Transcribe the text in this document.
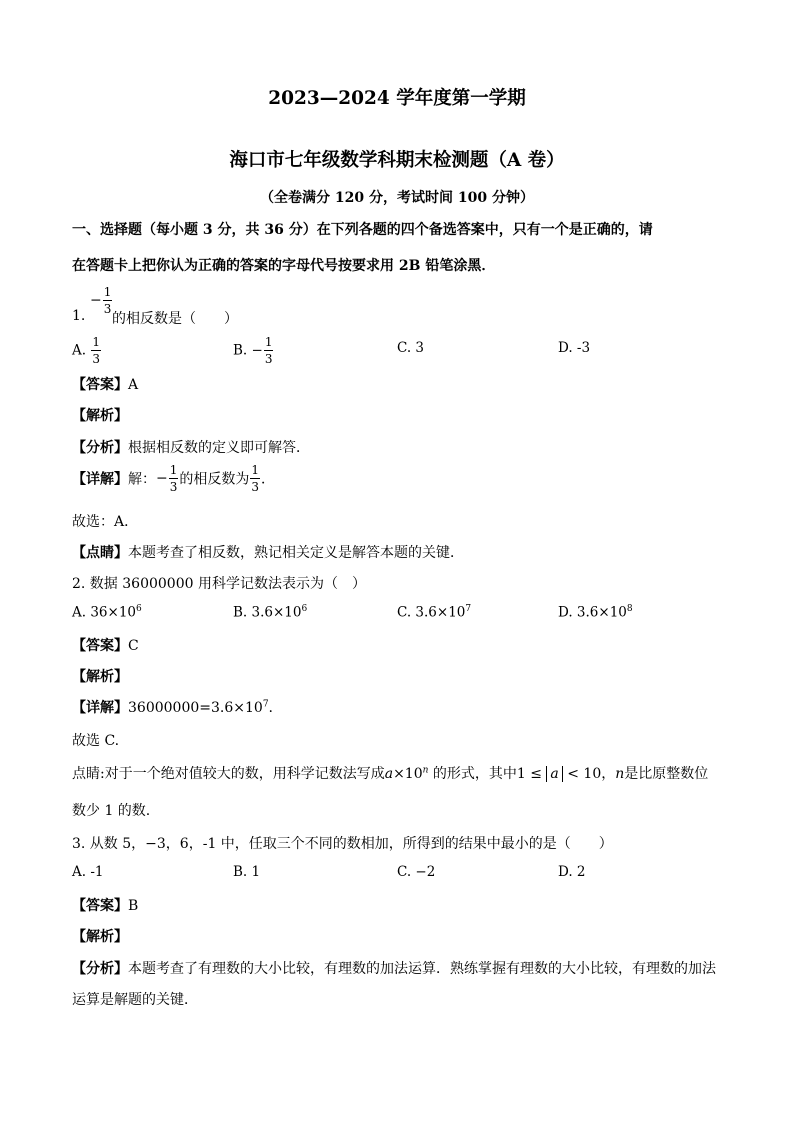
2023—2024 学年度第一学期
海口市七年级数学科期末检测题（A 卷）
（全卷满分 120 分，考试时间 100 分钟）
一、选择题（每小题 3 分，共 36 分）在下列各题的四个备选答案中，只有一个是正确的，请
在答题卡上把你认为正确的答案的字母代号按要求用 2B 铅笔涂黑．
1.
− $\frac{1}{3}$
的相反数是（　　）
A. $\frac{1}{3}$	B. − $\frac{1}{3}$	C. 3	D. -3
【答案】A
【解析】
【分析】根据相反数的定义即可解答．
【详解】解：− $\frac{1}{3}$ 的相反数为 $\frac{1}{3}$ ．
故选：A．
【点睛】本题考查了相反数，熟记相关定义是解答本题的关键．
2. 数据 36000000 用科学记数法表示为（　）
A. $36\times 10^6$	B. $3.6\times 10^6$	C. $3.6\times 10^7$	D. $3.6\times 10^8$
【答案】C
【解析】
【详解】$36000000=3.6\times 10^7$.
故选 C.
点睛:对于一个绝对值较大的数，用科学记数法写成$a\times 10^n$ 的形式，其中1 ≤ a < 10，n是比原整数位
数少 1 的数.
3. 从数 5，−3，6，-1 中，任取三个不同的数相加，所得到的结果中最小的是（　　）
A. -1	B. 1	C. −2	D. 2
【答案】B
【解析】
【分析】本题考查了有理数的大小比较，有理数的加法运算．熟练掌握有理数的大小比较，有理数的加法
运算是解题的关键．
